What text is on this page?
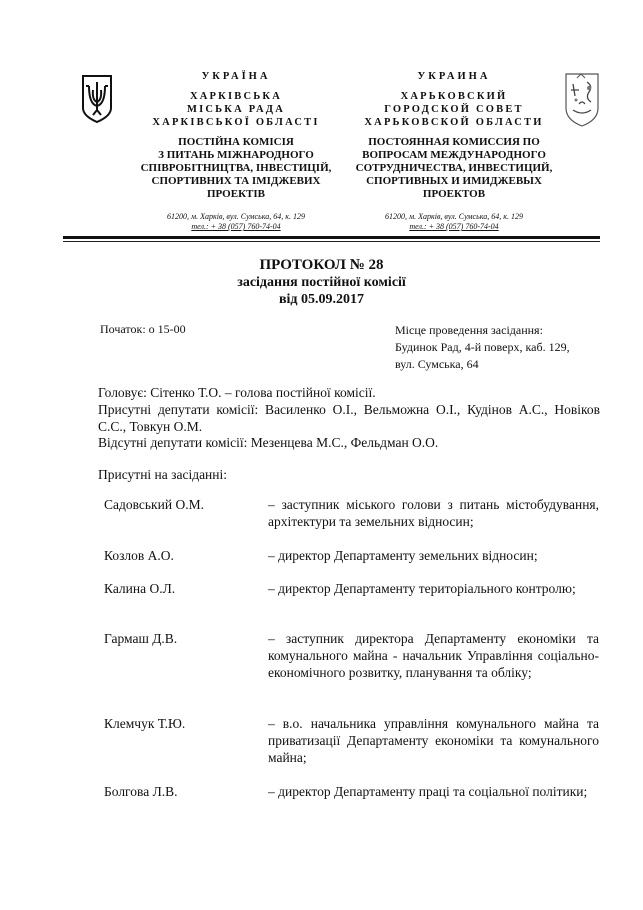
УКРАЇНА
ХАРКІВСЬКА
МІСЬКА РАДА
ХАРКІВСЬКОЇ ОБЛАСТІ
ПОСТІЙНА КОМІСІЯ
З ПИТАНЬ МІЖНАРОДНОГО
СПІВРОБІТНИЦТВА, ІНВЕСТИЦІЙ,
СПОРТИВНИХ ТА ІМІДЖЕВИХ
ПРОЕКТІВ
61200, м. Харків, вул. Сумська, 64, к. 129
тел.: + 38 (057) 760-74-04
УКРАИНА
ХАРЬКОВСКИЙ
ГОРОДСКОЙ СОВЕТ
ХАРЬКОВСКОЙ ОБЛАСТИ
ПОСТОЯННАЯ КОМИССИЯ ПО
ВОПРОСАМ МЕЖДУНАРОДНОГО
СОТРУДНИЧЕСТВА, ИНВЕСТИЦИЙ,
СПОРТИВНЫХ И ИМИДЖЕВЫХ
ПРОЕКТОВ
61200, м. Харків, вул. Сумська, 64, к. 129
тел.: + 38 (057) 760-74-04
ПРОТОКОЛ № 28
засідання постійної комісії
від 05.09.2017
Початок: о 15-00	Місце проведення засідання:
Будинок Рад, 4-й поверх, каб. 129,
вул. Сумська, 64
Головує: Сітенко Т.О. – голова постійної комісії.
Присутні депутати комісії: Василенко О.І., Вельможна О.І., Кудінов А.С., Новіков С.С., Товкун О.М.
Відсутні депутати комісії: Мезенцева М.С., Фельдман О.О.
Присутні на засіданні:
Садовський О.М.	– заступник міського голови з питань містобудування, архітектури та земельних відносин;
Козлов А.О.	– директор Департаменту земельних відносин;
Калина О.Л.	– директор Департаменту територіального контролю;
Гармаш Д.В.	– заступник директора Департаменту економіки та комунального майна - начальник Управління соціально-економічного розвитку, планування та обліку;
Клемчук Т.Ю.	– в.о. начальника управління комунального майна та приватизації Департаменту економіки та комунального майна;
Болгова Л.В.	– директор Департаменту праці та соціальної політики;
